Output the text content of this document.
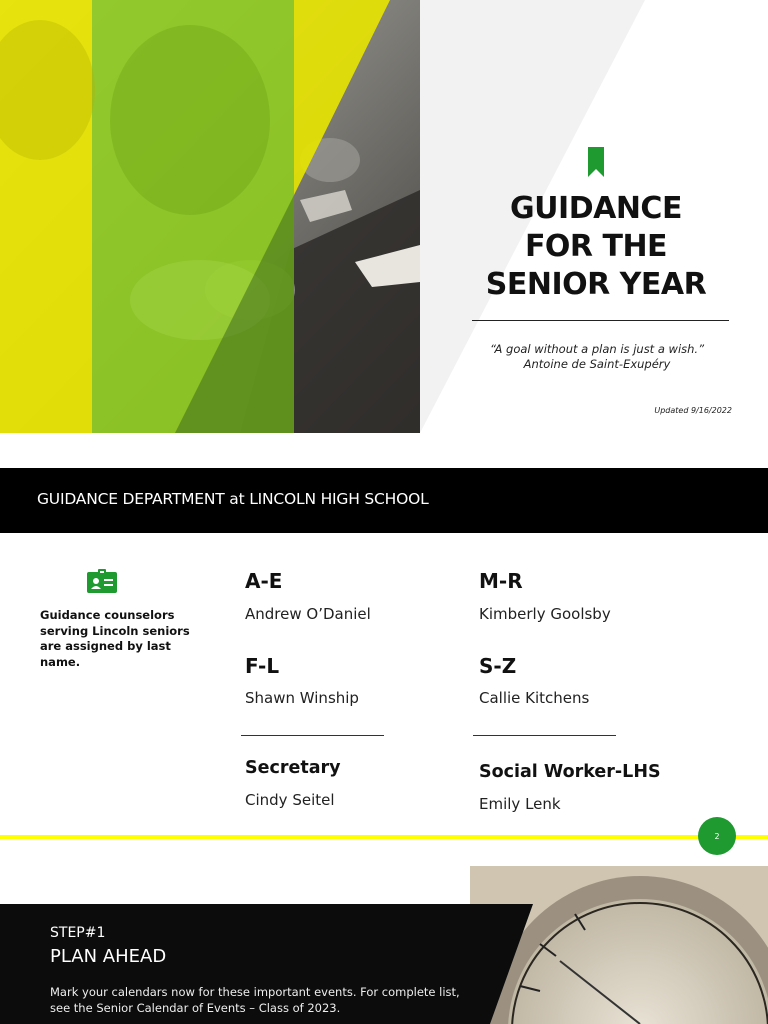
GUIDANCE
FOR THE
SENIOR YEAR
“A goal without a plan is just a wish.”
Antoine de Saint-Exupéry
Updated 9/16/2022
GUIDANCE DEPARTMENT at LINCOLN HIGH SCHOOL
Guidance counselors serving Lincoln seniors are assigned by last name.
A-E
Andrew O’Daniel
M-R
Kimberly Goolsby
F-L
Shawn Winship
S-Z
Callie Kitchens
Secretary
Cindy Seitel
Social Worker-LHS
Emily Lenk
2
STEP#1
PLAN AHEAD
Mark your calendars now for these important events. For complete list, see the Senior Calendar of Events – Class of 2023.
